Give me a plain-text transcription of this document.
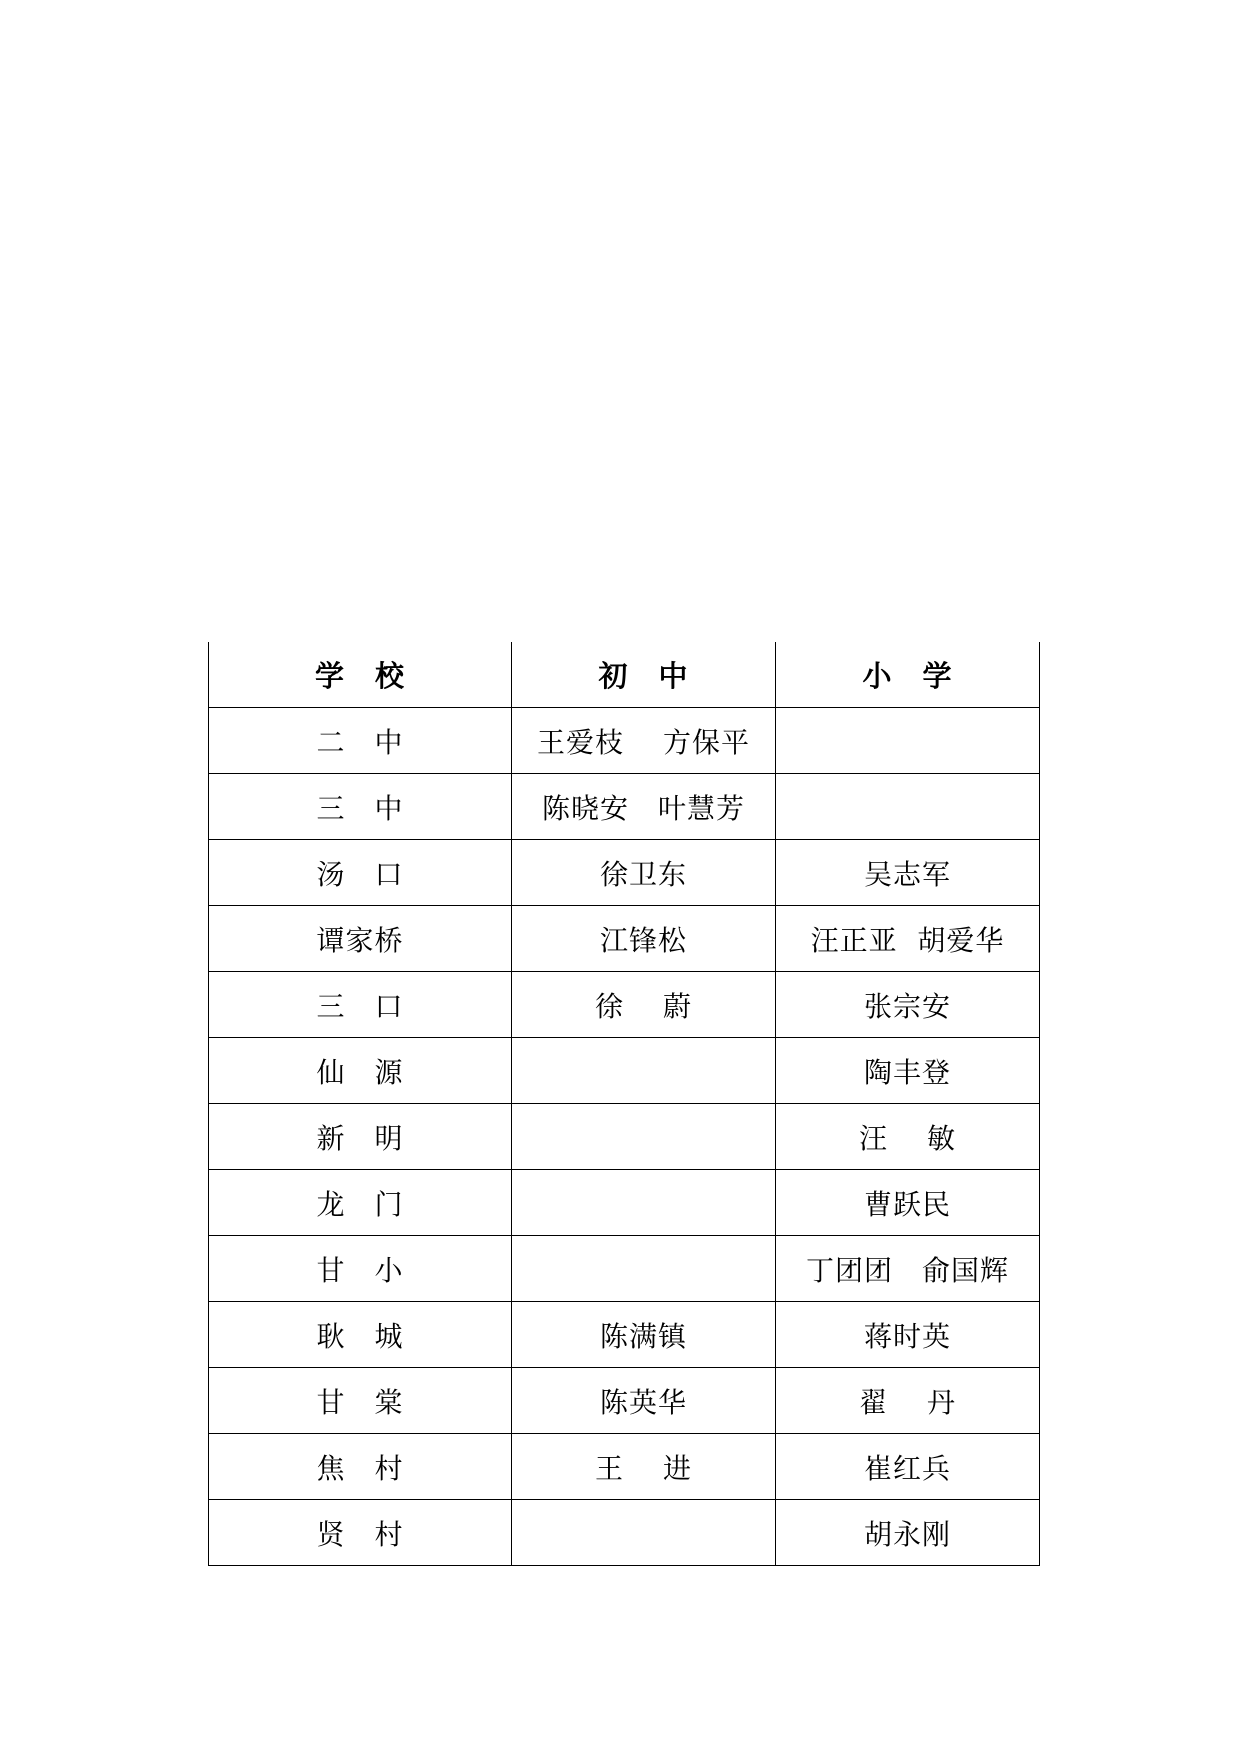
学　校	初　中	小　学
二　中	王爱枝　 方保平	
三　中	陈晓安　叶慧芳	
汤　口	徐卫东	吴志军
谭家桥	江锋松	汪正亚  胡爱华
三　口	徐　 蔚	张宗安
仙　源		陶丰登
新　明		汪　 敏
龙　门		曹跃民
甘　小		丁团团　俞国辉
耿　城	陈满镇	蒋时英
甘　棠	陈英华	翟　 丹
焦　村	王　 进	崔红兵
贤　村		胡永刚
